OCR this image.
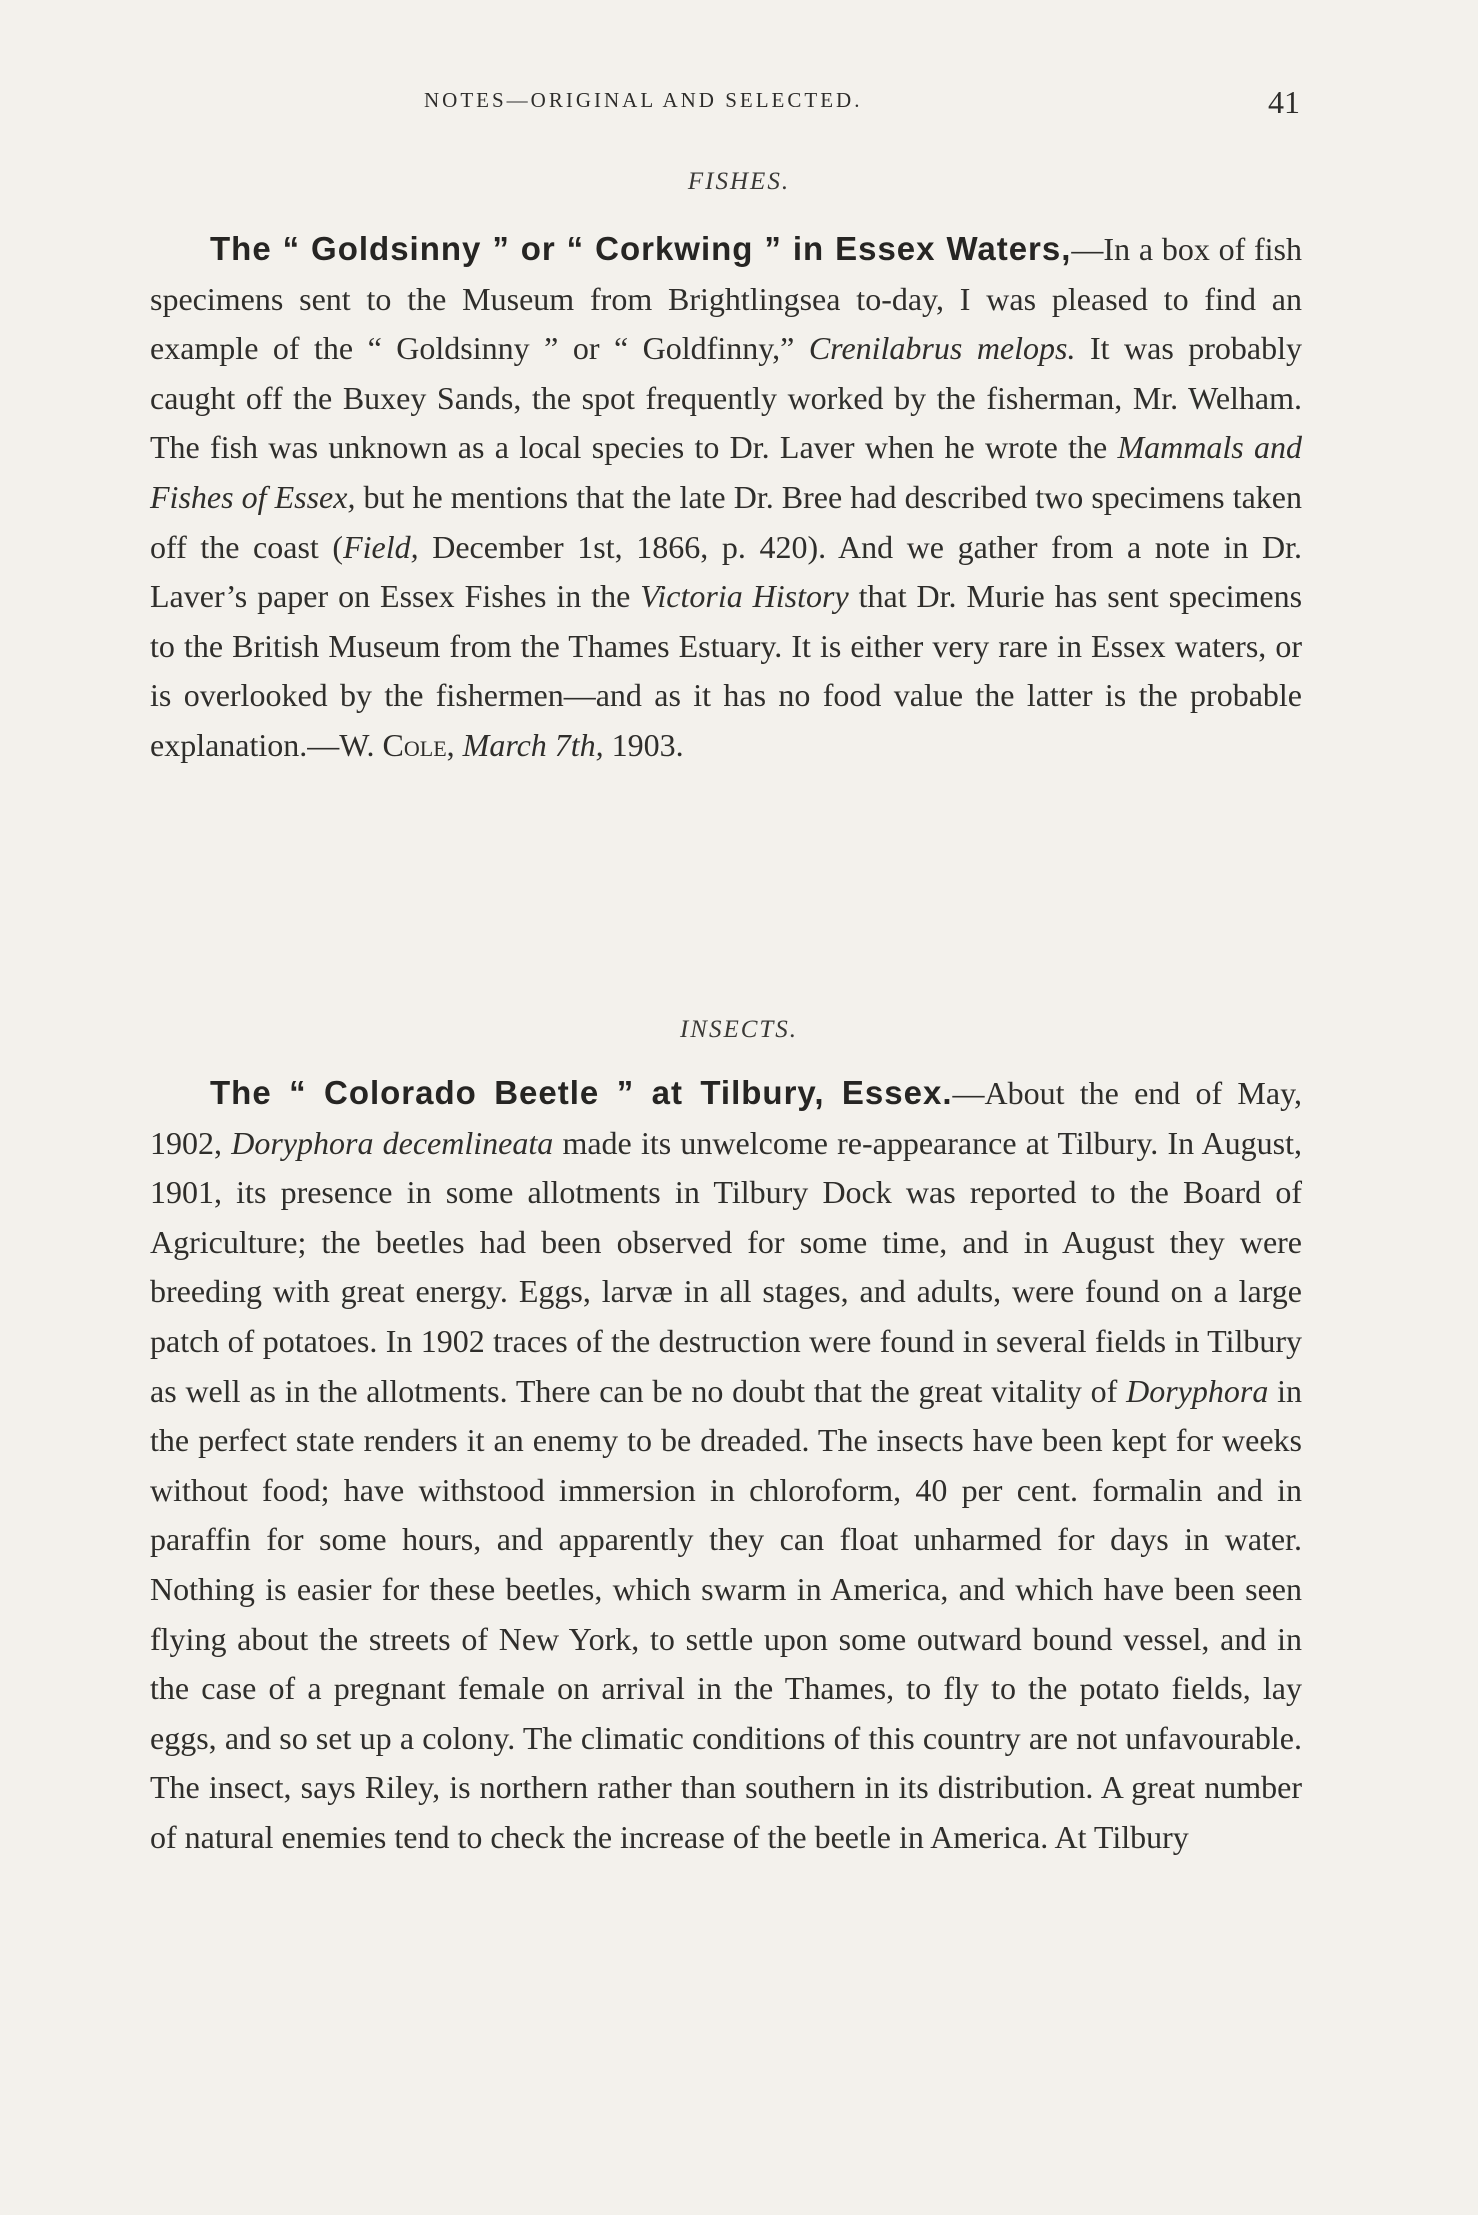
NOTES—ORIGINAL AND SELECTED.	41
FISHES.
The “ Goldsinny ” or “ Corkwing ” in Essex Waters,—In a box of fish specimens sent to the Museum from Brightlingsea to-day, I was pleased to find an example of the “ Goldsinny ” or “ Goldfinny,” Crenilabrus melops. It was probably caught off the Buxey Sands, the spot frequently worked by the fisherman, Mr. Welham. The fish was unknown as a local species to Dr. Laver when he wrote the Mammals and Fishes of Essex, but he mentions that the late Dr. Bree had described two specimens taken off the coast (Field, December 1st, 1866, p. 420). And we gather from a note in Dr. Laver’s paper on Essex Fishes in the Victoria History that Dr. Murie has sent specimens to the British Museum from the Thames Estuary. It is either very rare in Essex waters, or is overlooked by the fishermen—and as it has no food value the latter is the probable explanation.—W. Cole, March 7th, 1903.
INSECTS.
The “ Colorado Beetle ” at Tilbury, Essex.—About the end of May, 1902, Doryphora decemlineata made its unwelcome re-appearance at Tilbury. In August, 1901, its presence in some allotments in Tilbury Dock was reported to the Board of Agriculture; the beetles had been observed for some time, and in August they were breeding with great energy. Eggs, larvæ in all stages, and adults, were found on a large patch of potatoes. In 1902 traces of the destruction were found in several fields in Tilbury as well as in the allotments. There can be no doubt that the great vitality of Doryphora in the perfect state renders it an enemy to be dreaded. The insects have been kept for weeks without food; have withstood immersion in chloroform, 40 per cent. formalin and in paraffin for some hours, and apparently they can float unharmed for days in water. Nothing is easier for these beetles, which swarm in America, and which have been seen flying about the streets of New York, to settle upon some outward bound vessel, and in the case of a pregnant female on arrival in the Thames, to fly to the potato fields, lay eggs, and so set up a colony. The climatic conditions of this country are not unfavourable. The insect, says Riley, is northern rather than southern in its distribution. A great number of natural enemies tend to check the increase of the beetle in America. At Tilbury
